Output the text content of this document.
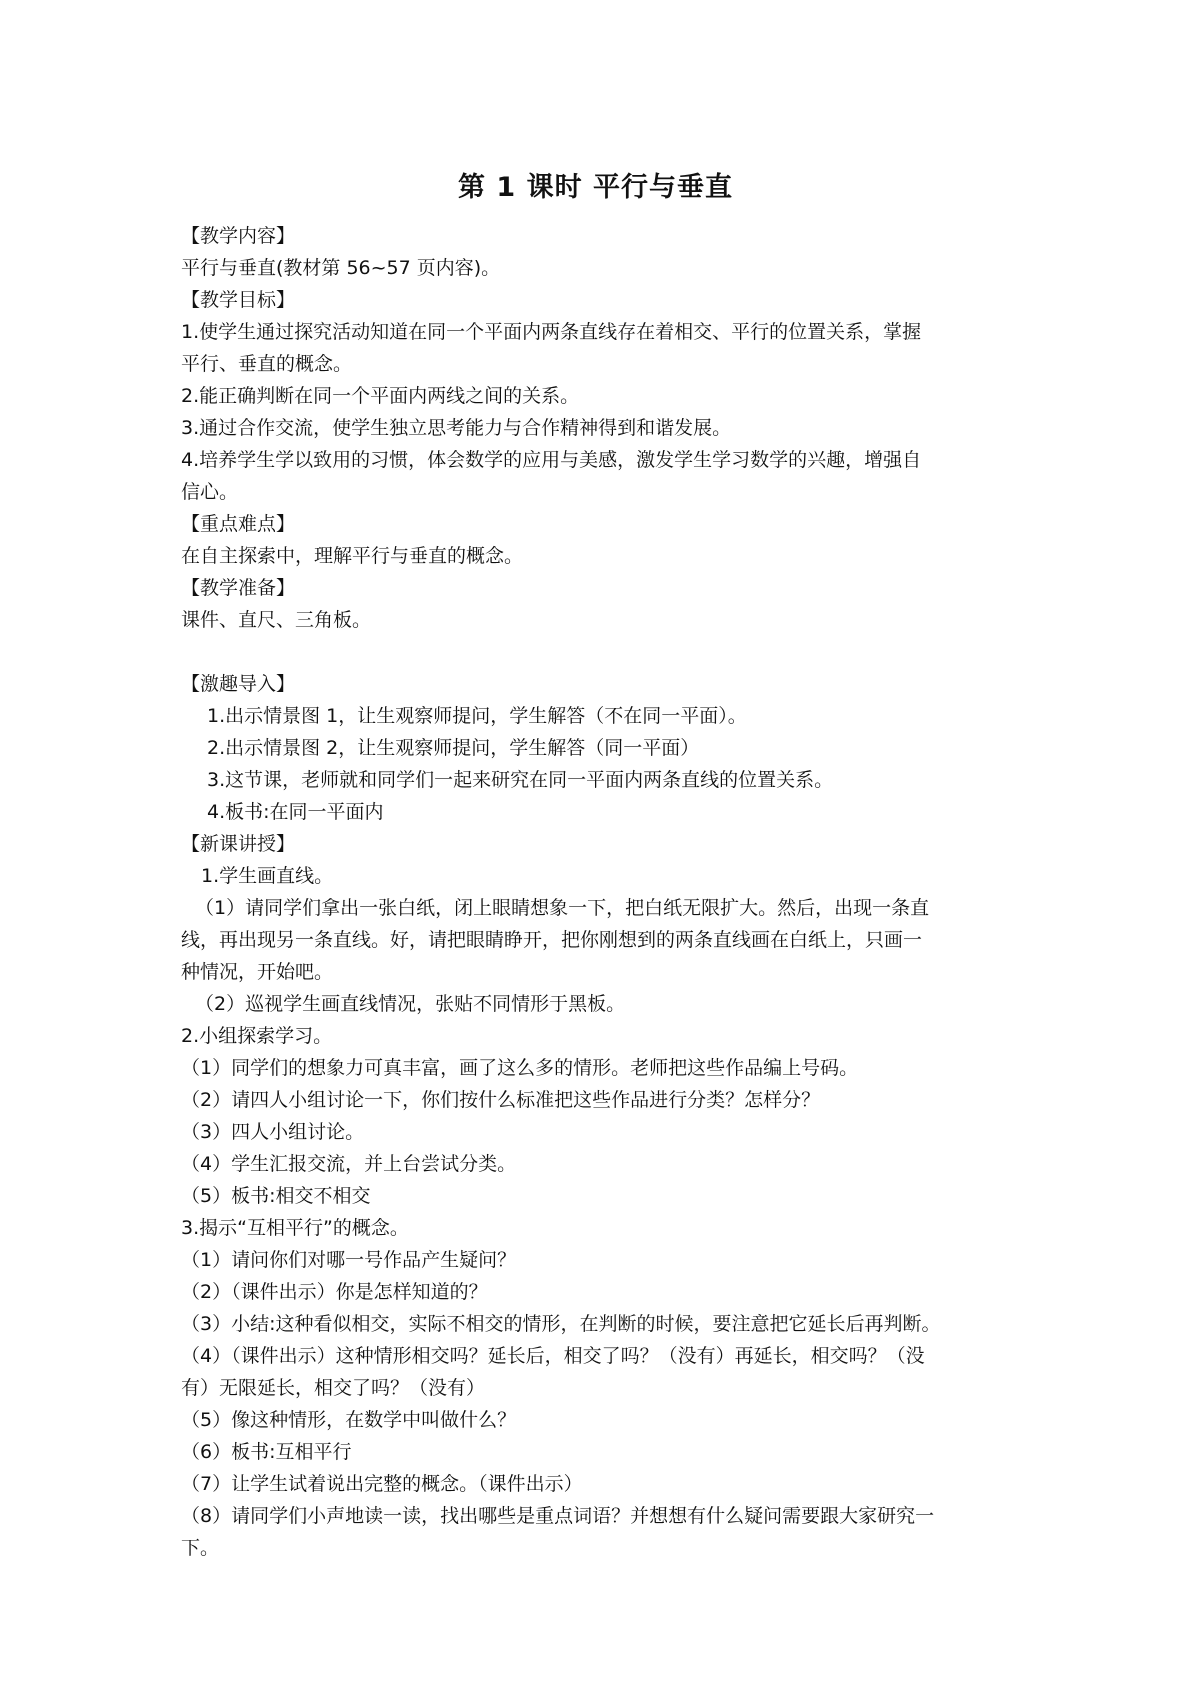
第 1 课时 平行与垂直
【教学内容】
平行与垂直(教材第 56~57 页内容)。
【教学目标】
1.使学生通过探究活动知道在同一个平面内两条直线存在着相交、平行的位置关系，掌握
平行、垂直的概念。
2.能正确判断在同一个平面内两线之间的关系。
3.通过合作交流，使学生独立思考能力与合作精神得到和谐发展。
4.培养学生学以致用的习惯，体会数学的应用与美感，激发学生学习数学的兴趣，增强自
信心。
【重点难点】
在自主探索中，理解平行与垂直的概念。
【教学准备】
课件、直尺、三角板。
【激趣导入】
1.出示情景图 1，让生观察师提问，学生解答（不在同一平面）。
2.出示情景图 2，让生观察师提问，学生解答（同一平面）
3.这节课，老师就和同学们一起来研究在同一平面内两条直线的位置关系。
4.板书:在同一平面内
【新课讲授】
1.学生画直线。
（1）请同学们拿出一张白纸，闭上眼睛想象一下，把白纸无限扩大。然后，出现一条直
线，再出现另一条直线。好，请把眼睛睁开，把你刚想到的两条直线画在白纸上，只画一
种情况，开始吧。
（2）巡视学生画直线情况，张贴不同情形于黑板。
2.小组探索学习。
（1）同学们的想象力可真丰富，画了这么多的情形。老师把这些作品编上号码。
（2）请四人小组讨论一下，你们按什么标准把这些作品进行分类？怎样分？
（3）四人小组讨论。
（4）学生汇报交流，并上台尝试分类。
（5）板书:相交不相交
3.揭示“互相平行”的概念。
（1）请问你们对哪一号作品产生疑问？
（2）（课件出示）你是怎样知道的？
（3）小结:这种看似相交，实际不相交的情形，在判断的时候，要注意把它延长后再判断。
（4）（课件出示）这种情形相交吗？延长后，相交了吗？（没有）再延长，相交吗？（没
有）无限延长，相交了吗？（没有）
（5）像这种情形，在数学中叫做什么？
（6）板书:互相平行
（7）让学生试着说出完整的概念。（课件出示）
（8）请同学们小声地读一读，找出哪些是重点词语？并想想有什么疑问需要跟大家研究一
下。
